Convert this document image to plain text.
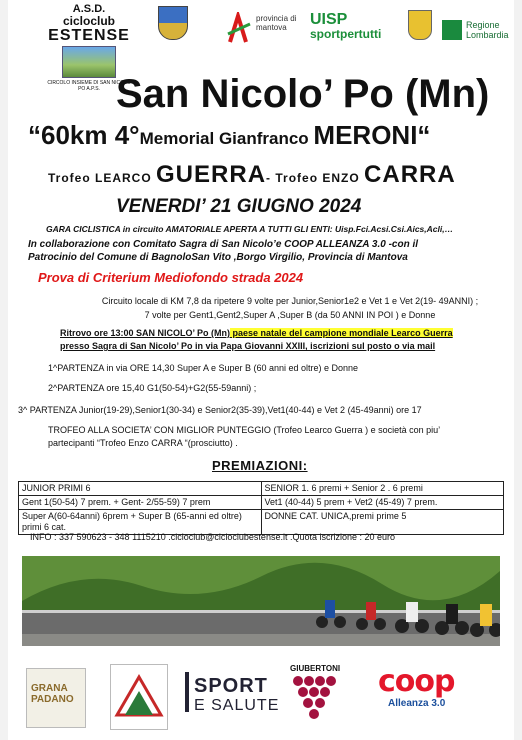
A.S.D.
cicloclub
ESTENSE
CIRCOLO INSIEME DI SAN NICOLÒ PO A.P.S.
provincia di mantova	UISP
sportpertutti
Regione Lombardia
San Nicolo’ Po (Mn)
“60km 4°Memorial Gianfranco MERONI“
Trofeo LEARCO GUERRA- Trofeo ENZO CARRA
VENERDI’ 21 GIUGNO 2024
GARA CICLISTICA in circuito AMATORIALE APERTA A TUTTI GLI ENTI: Uisp.Fci.Acsi.Csi.Aics,Acli,…
In collaborazione con Comitato Sagra di San Nicolo’e COOP ALLEANZA 3.0 -con il
Patrocinio del Comune di BagnoloSan Vito ,Borgo Virgilio, Provincia di Mantova
Prova di Criterium Mediofondo strada 2024
Circuito locale di KM 7,8 da ripetere 9 volte per Junior,Senior1e2 e Vet 1 e Vet 2(19- 49ANNI) ;
7 volte per Gent1,Gent2,Super A ,Super B (da 50 ANNI IN POI ) e Donne
Ritrovo ore 13:00 SAN NICOLO’ Po (Mn) paese natale del campione mondiale Learco Guerra
presso Sagra di San Nicolo’ Po in via Papa Giovanni XXIII, iscrizioni sul posto o via mail
1^PARTENZA in via ORE 14,30 Super A e Super B (60 anni ed oltre) e Donne
2^PARTENZA ore 15,40 G1(50-54)+G2(55-59anni) ;
3^ PARTENZA Junior(19-29),Senior1(30-34) e Senior2(35-39),Vet1(40-44) e Vet 2 (45-49anni) ore 17
TROFEO ALLA SOCIETA’ CON MIGLIOR PUNTEGGIO (Trofeo Learco Guerra ) e società con piu’
partecipanti “Trofeo Enzo CARRA “(prosciutto) .
PREMIAZIONI:
JUNIOR PRIMI 6	SENIOR 1. 6 premi + Senior 2 . 6 premi
Gent 1(50-54) 7 prem. + Gent- 2/55-59) 7 prem	Vet1 (40-44) 5 prem + Vet2 (45-49) 7 prem.
Super A(60-64anni) 6prem + Super B (65-anni ed oltre) primi 6 cat.	DONNE CAT. UNICA,premi prime 5
INFO : 337 590623 - 348 1115210 .cicloclub@cicloclubestense.it .Quota iscrizione : 20 euro
GRANA PADANO
SPORT
E SALUTE
GIUBERTONI coop
Alleanza 3.0
